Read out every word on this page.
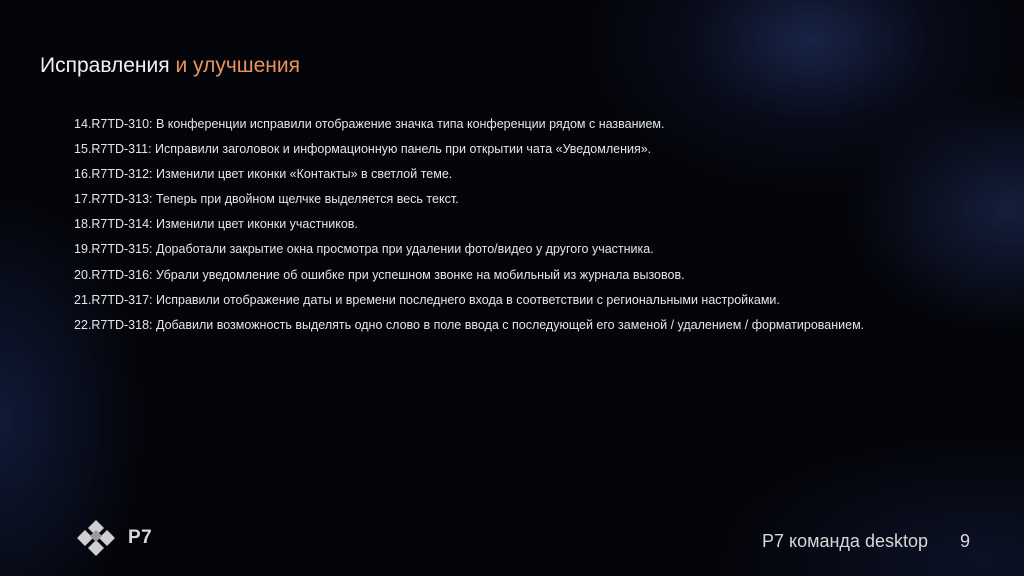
Исправления и улучшения
14.R7TD-310: В конференции исправили отображение значка типа конференции рядом с названием.
15.R7TD-311: Исправили заголовок и информационную панель при открытии чата «Уведомления».
16.R7TD-312: Изменили цвет иконки «Контакты» в светлой теме.
17.R7TD-313: Теперь при двойном щелчке выделяется весь текст.
18.R7TD-314: Изменили цвет иконки участников.
19.R7TD-315: Доработали закрытие окна просмотра при удалении фото/видео у другого участника.
20.R7TD-316: Убрали уведомление об ошибке при успешном звонке на мобильный из журнала вызовов.
21.R7TD-317: Исправили отображение даты и времени последнего входа в соответствии с региональными настройками.
22.R7TD-318: Добавили возможность выделять одно слово в поле ввода с последующей его заменой / удалением / форматированием.
P7	Р7 команда desktop 9
